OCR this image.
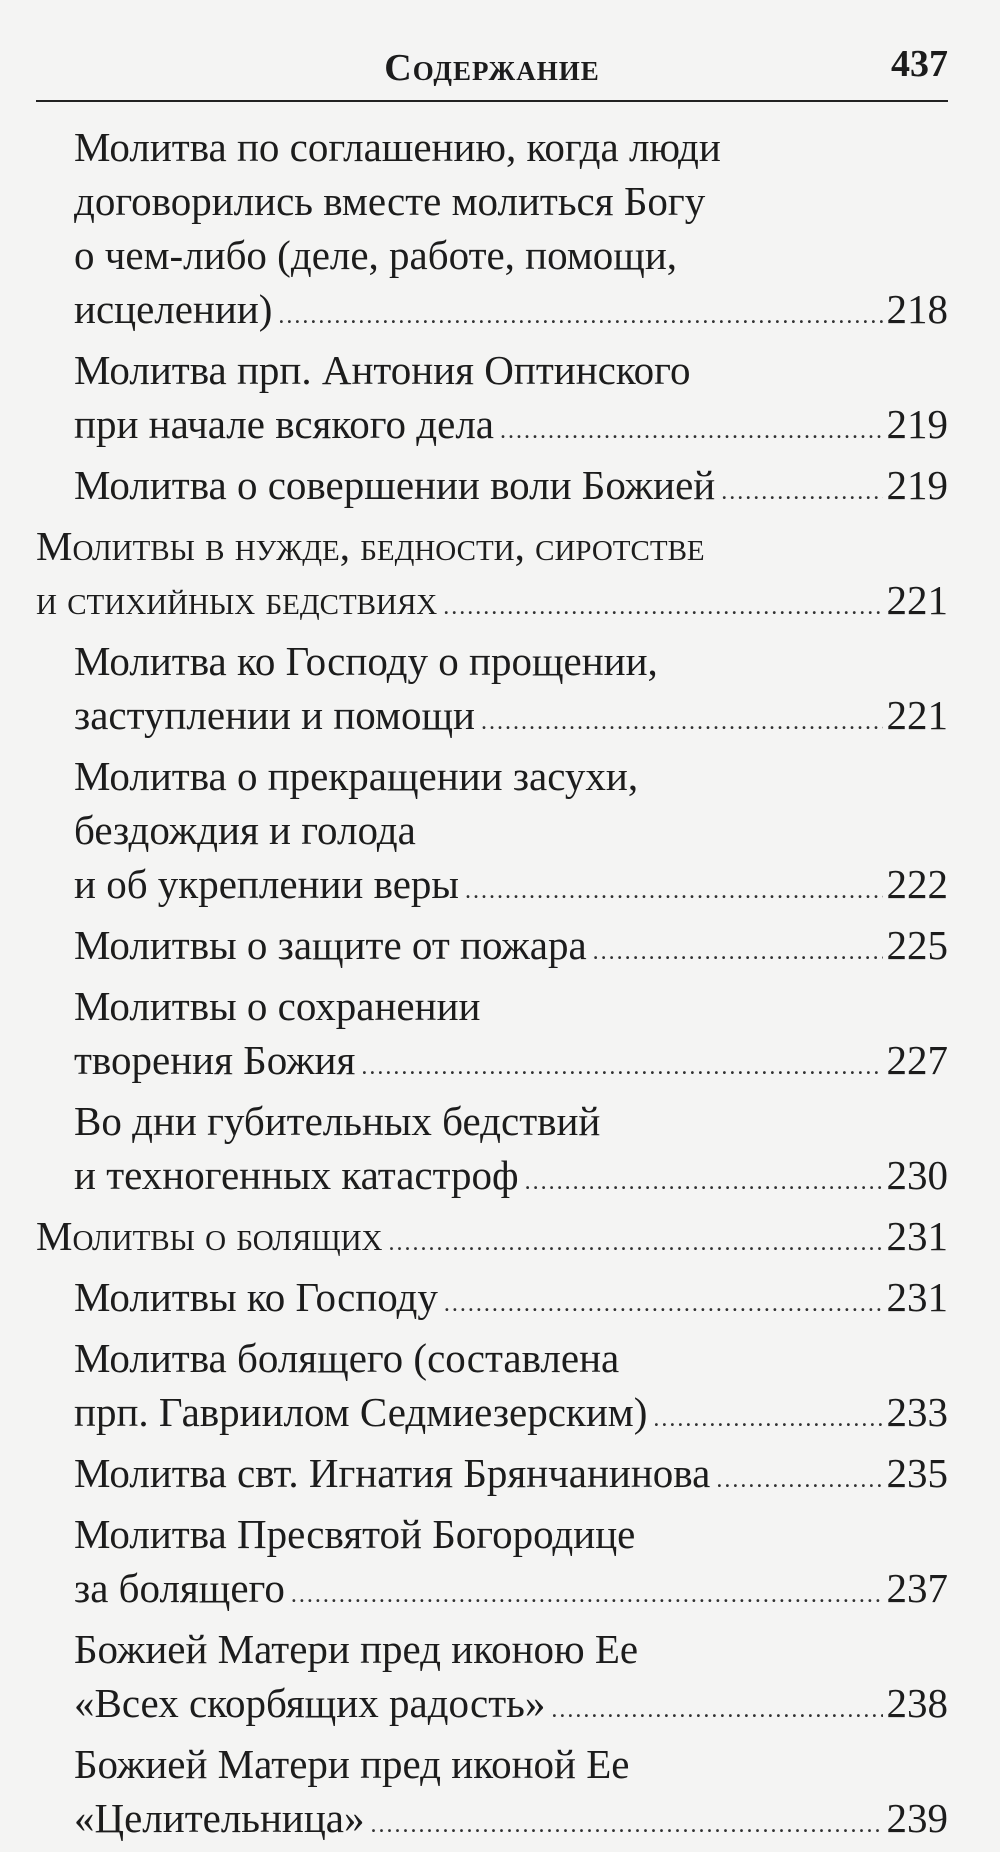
Содержание	437
Молитва по соглашению, когда люди
договорились вместе молиться Богу
о чем-либо (деле, работе, помощи,
исцелении) .....	218
Молитва прп. Антония Оптинского
при начале всякого дела .....	219
Молитва о совершении воли Божией .....	219
Молитвы в нужде, бедности, сиротстве
и стихийных бедствиях .....	221
Молитва ко Господу о прощении,
заступлении и помощи .....	221
Молитва о прекращении засухи,
бездождия и голода
и об укреплении веры .....	222
Молитвы о защите от пожара .....	225
Молитвы о сохранении
творения Божия .....	227
Во дни губительных бедствий
и техногенных катастроф .....	230
Молитвы о болящих .....	231
Молитвы ко Господу .....	231
Молитва болящего (составлена
прп. Гавриилом Седмиезерским) .....	233
Молитва свт. Игнатия Брянчанинова .....	235
Молитва Пресвятой Богородице
за болящего .....	237
Божией Матери пред иконою Ее
«Всех скорбящих радость» .....	238
Божией Матери пред иконой Ее
«Целительница» .....	239
